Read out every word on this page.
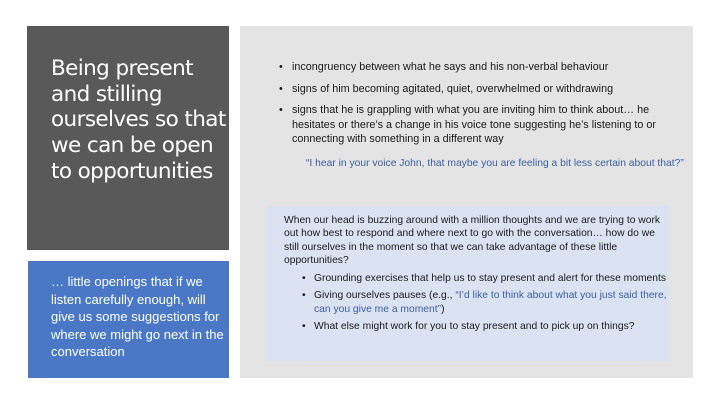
Being present and stilling ourselves so that we can be open to opportunities
… little openings that if we listen carefully enough, will give us some suggestions for where we might go next in the conversation
• incongruency between what he says and his non-verbal behaviour
• signs of him becoming agitated, quiet, overwhelmed or withdrawing
• signs that he is grappling with what you are inviting him to think about… he hesitates or there’s a change in his voice tone suggesting he’s listening to or connecting with something in a different way
“I hear in your voice John, that maybe you are feeling a bit less certain about that?”
When our head is buzzing around with a million thoughts and we are trying to work out how best to respond and where next to go with the conversation… how do we still ourselves in the moment so that we can take advantage of these little opportunities?
• Grounding exercises that help us to stay present and alert for these moments
• Giving ourselves pauses (e.g., “I’d like to think about what you just said there, can you give me a moment”)
• What else might work for you to stay present and to pick up on things?
